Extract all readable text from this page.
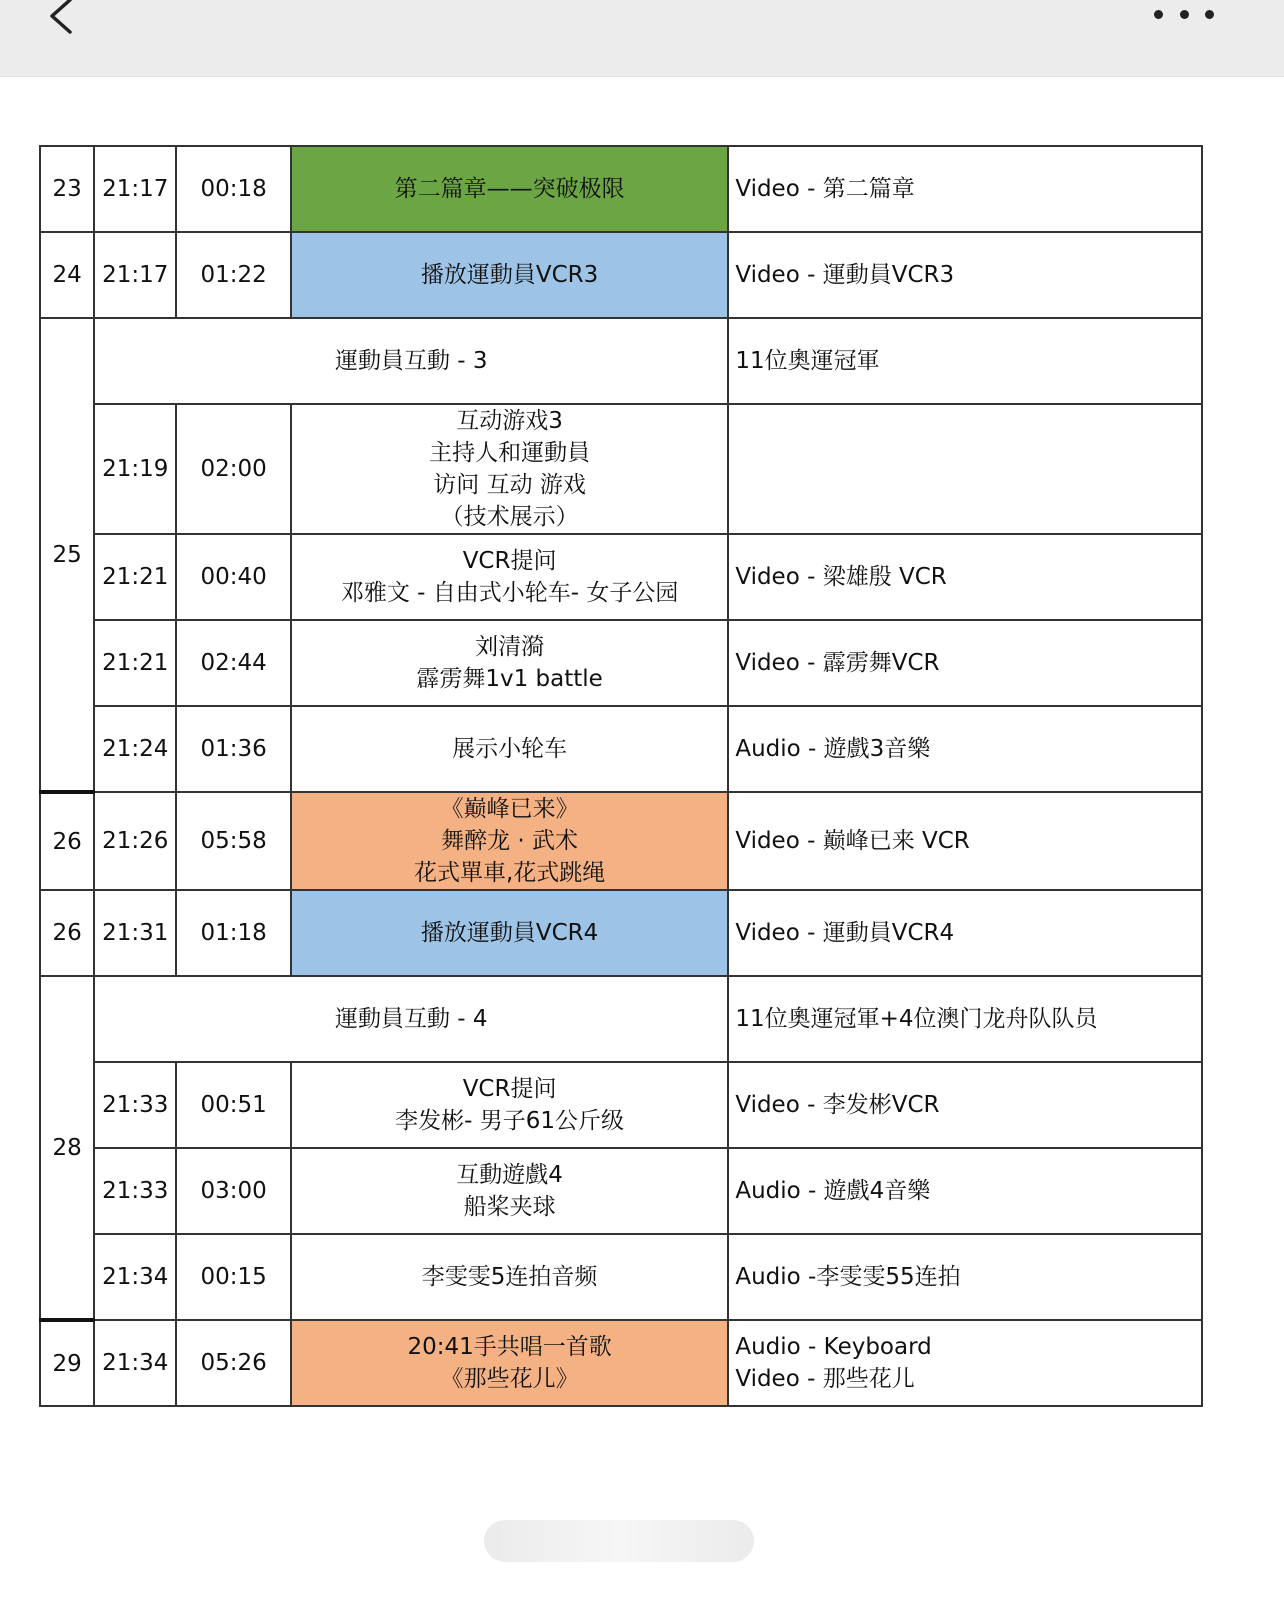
23	21:17	00:18	第二篇章——突破极限	Video - 第二篇章
24	21:17	01:22	播放運動員VCR3	Video - 運動員VCR3
25	運動員互動 - 3			11位奧運冠軍
	21:19	02:00	互动游戏3
主持人和運動員
访问 互动 游戏
（技术展示）	

	21:21	00:40	VCR提问
邓雅文 - 自由式小轮车- 女子公园	Video - 梁雄殷 VCR
	21:21	02:44	刘清漪
霹雳舞1v1 battle	Video - 霹雳舞VCR
	21:24	01:36	展示小轮车	Audio - 遊戲3音樂
26	21:26	05:58	《巅峰已来》
舞醉龙 · 武术
花式單車,花式跳绳	Video - 巅峰已来 VCR
26	21:31	01:18	播放運動員VCR4	Video - 運動員VCR4
28	運動員互動 - 4			11位奧運冠軍+4位澳门龙舟队队员
	21:33	00:51	VCR提问
李发彬- 男子61公斤级	Video - 李发彬VCR
	21:33	03:00	互動遊戲4
船桨夹球	Audio - 遊戲4音樂
	21:34	00:15	李雯雯5连拍音频	Audio -李雯雯55连拍
29	21:34	05:26	20:41手共唱一首歌
《那些花儿》	Audio - Keyboard
Video - 那些花儿
